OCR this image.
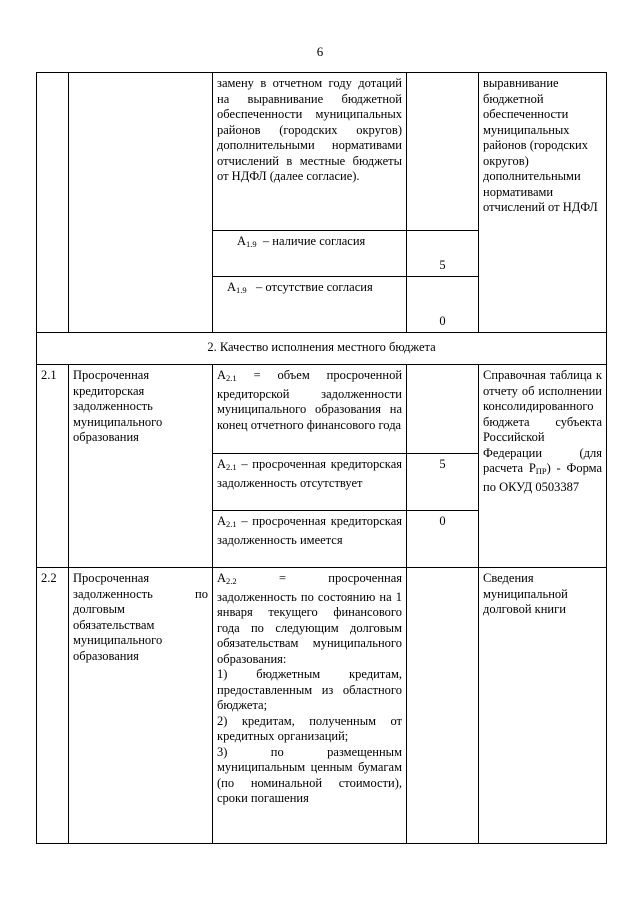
6
		замену в отчетном году дотаций на выравнивание бюджетной обеспеченности муниципальных районов (городских округов) дополнительными нормативами отчислений в местные бюджеты от НДФЛ (далее согласие).		выравнивание бюджетной обеспеченности муниципальных районов (городских округов) дополнительными нормативами отчислений от НДФЛ
		$A_{1.9}$ – наличие согласия	5	
		$A_{1.9}$ – отсутствие согласия	0	
2. Качество исполнения местного бюджета				
2.1	Просроченная кредиторская задолженность муниципального образования	$A_{2.1}$ = объем просроченной кредиторской задолженности муниципального образования на конец отчетного финансового года		Справочная таблица к отчету об исполнении консолидированного бюджета субъекта Российской Федерации (для расчета $P_{ПР}$) - Форма по ОКУД 0503387
		$A_{2.1}$ – просроченная кредиторская задолженность отсутствует	5	
		$A_{2.1}$ – просроченная кредиторская задолженность имеется	0	
2.2	Просроченная задолженность по долговым обязательствам муниципального образования	$A_{2.2}$ = просроченная задолженность по состоянию на 1 января текущего финансового года по следующим долговым обязательствам муниципального образования:
1) бюджетным кредитам, предоставленным из областного бюджета;
2) кредитам, полученным от кредитных организаций;
3) по размещенным муниципальным ценным бумагам (по номинальной стоимости), сроки погашения		Сведения муниципальной долговой книги
